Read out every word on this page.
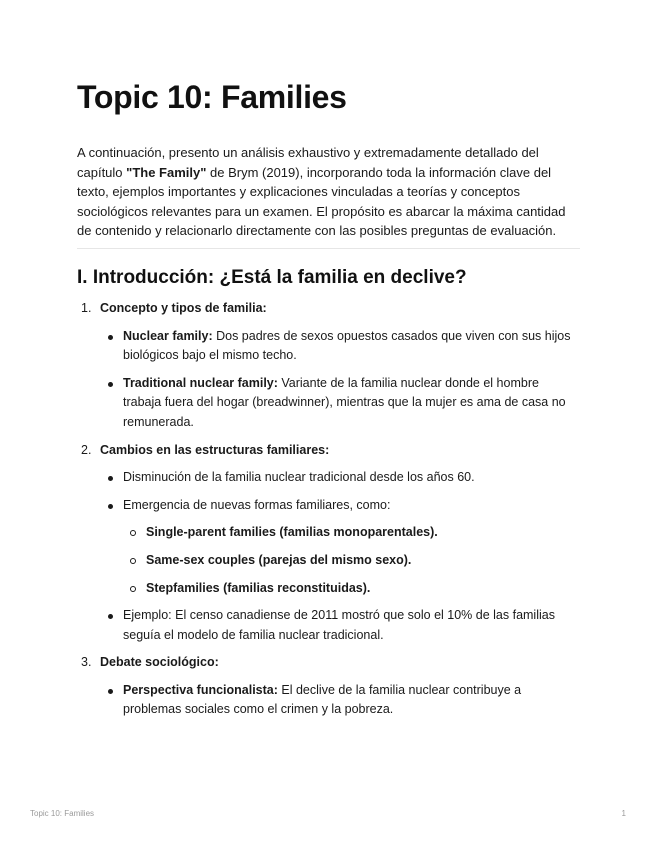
Topic 10: Families

A continuación, presento un análisis exhaustivo y extremadamente detallado del capítulo "The Family" de Brym (2019), incorporando toda la información clave del texto, ejemplos importantes y explicaciones vinculadas a teorías y conceptos sociológicos relevantes para un examen. El propósito es abarcar la máxima cantidad de contenido y relacionarlo directamente con las posibles preguntas de evaluación.

I. Introducción: ¿Está la familia en declive?
1. Concepto y tipos de familia:
Nuclear family: Dos padres de sexos opuestos casados que viven con sus hijos biológicos bajo el mismo techo.
Traditional nuclear family: Variante de la familia nuclear donde el hombre trabaja fuera del hogar (breadwinner), mientras que la mujer es ama de casa no remunerada.
2. Cambios en las estructuras familiares:
Disminución de la familia nuclear tradicional desde los años 60.
Emergencia de nuevas formas familiares, como:
Single-parent families (familias monoparentales).
Same-sex couples (parejas del mismo sexo).
Stepfamilies (familias reconstituidas).
Ejemplo: El censo canadiense de 2011 mostró que solo el 10% de las familias seguía el modelo de familia nuclear tradicional.
3. Debate sociológico:
Perspectiva funcionalista: El declive de la familia nuclear contribuye a problemas sociales como el crimen y la pobreza.
Topic 10: Families	1
